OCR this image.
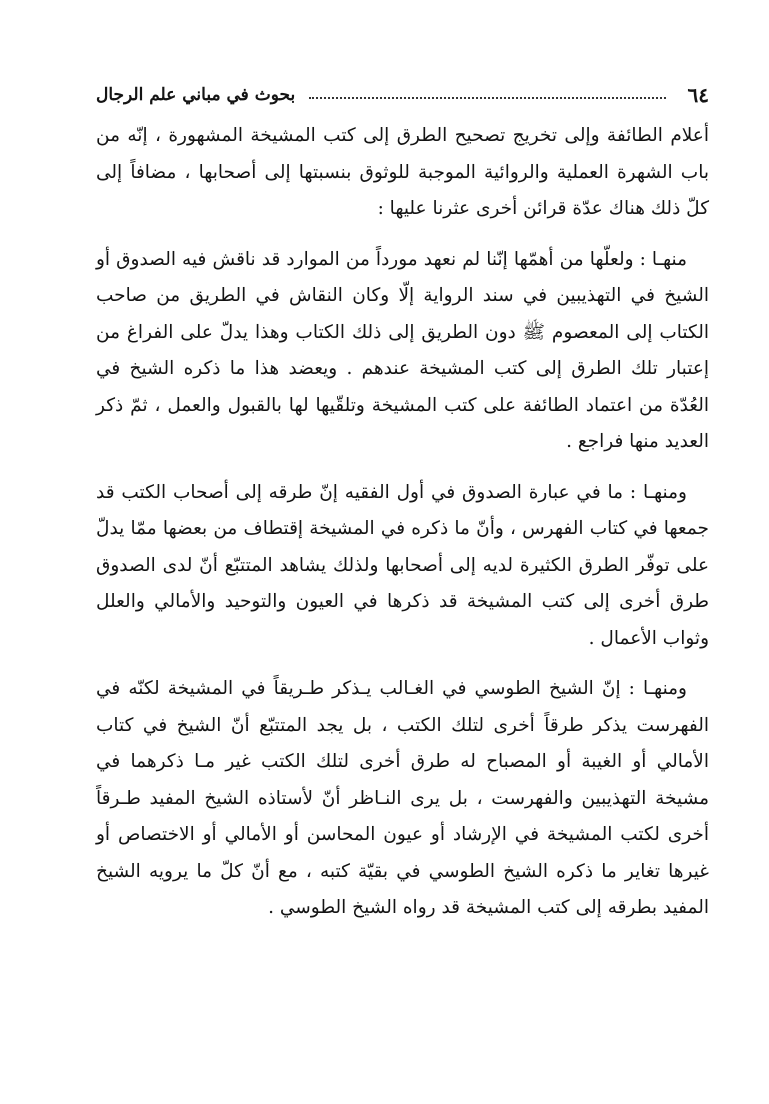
٦٤
بحوث في مباني علم الرجال

أعلام الطائفة وإلى تخريج تصحيح الطرق إلى كتب المشيخة المشهورة ، إنّه من باب الشهرة العملية والروائية الموجبة للوثوق بنسبتها إلى أصحابها ، مضافاً إلى كلّ ذلك هناك عدّة قرائن أخرى عثرنا عليها :

منهـا : ولعلّها من أهمّها إنّنا لم نعهد مورداً من الموارد قد ناقش فيه الصدوق أو الشيخ في التهذيبين في سند الرواية إلّا وكان النقاش في الطريق من صاحب الكتاب إلى المعصوم ﷺ دون الطريق إلى ذلك الكتاب وهذا يدلّ على الفراغ من إعتبار تلك الطرق إلى كتب المشيخة عندهم . ويعضد هذا ما ذكره الشيخ في العُدّة من اعتماد الطائفة على كتب المشيخة وتلقّيها لها بالقبول والعمل ، ثمّ ذكر العديد منها فراجع .

ومنهـا : ما في عبارة الصدوق في أول الفقيه إنّ طرقه إلى أصحاب الكتب قد جمعها في كتاب الفهرس ، وأنّ ما ذكره في المشيخة إقتطاف من بعضها ممّا يدلّ على توفّر الطرق الكثيرة لديه إلى أصحابها ولذلك يشاهد المتتبّع أنّ لدى الصدوق طرق أخرى إلى كتب المشيخة قد ذكرها في العيون والتوحيد والأمالي والعلل وثواب الأعمال .

ومنهـا : إنّ الشيخ الطوسي في الغـالب يـذكر طـريقاً في المشيخة لكنّه في الفهرست يذكر طرقاً أخرى لتلك الكتب ، بل يجد المتتبّع أنّ الشيخ في كتاب الأمالي أو الغيبة أو المصباح له طرق أخرى لتلك الكتب غير مـا ذكرهما في مشيخة التهذيبين والفهرست ، بل يرى النـاظر أنّ لأستاذه الشيخ المفيد طـرقاً أخرى لكتب المشيخة في الإرشاد أو عيون المحاسن أو الأمالي أو الاختصاص أو غيرها تغاير ما ذكره الشيخ الطوسي في بقيّة كتبه ، مع أنّ كلّ ما يرويه الشيخ المفيد بطرقه إلى كتب المشيخة قد رواه الشيخ الطوسي .
